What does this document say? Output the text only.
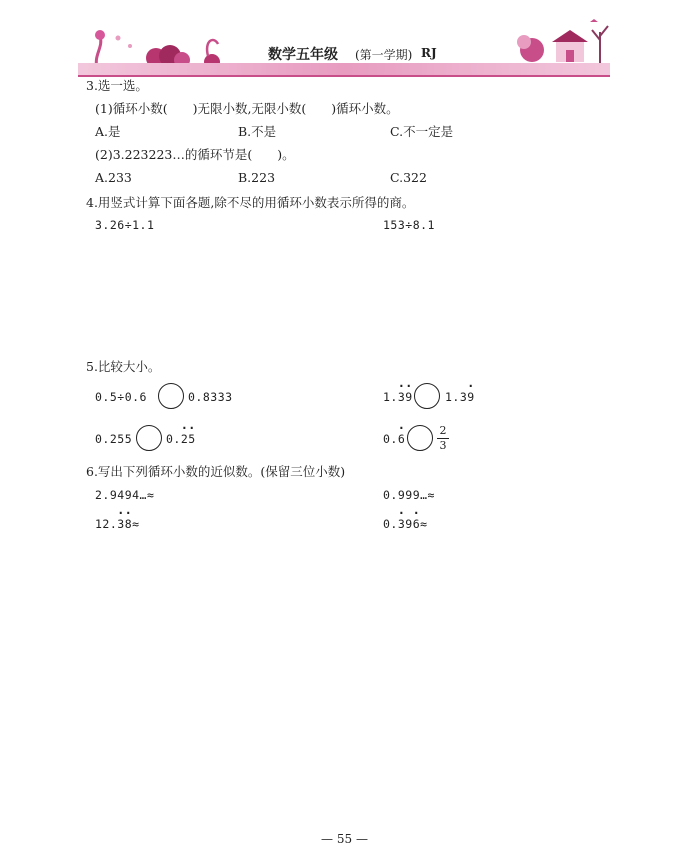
数学五年级 (第一学期) RJ
3.选一选。
(1)循环小数(　　)无限小数,无限小数(　　)循环小数。
A.是	B.不是	C.不一定是
(2)3.223223…的循环节是(　　)。
A.233	B.223	C.322
4.用竖式计算下面各题,除不尽的用循环小数表示所得的商。
3.26÷1.1	153÷8.1
5.比较大小。
0.5÷0.6	0.8333	1.· 3· 9	1.3· 9
0.255	0.· 2· 5	0.· 6
2
3
6.写出下列循环小数的近似数。(保留三位小数)
2.9494…≈	0.999…≈
12.· 3· 8≈	0.· 39· 6≈
— 55 —
